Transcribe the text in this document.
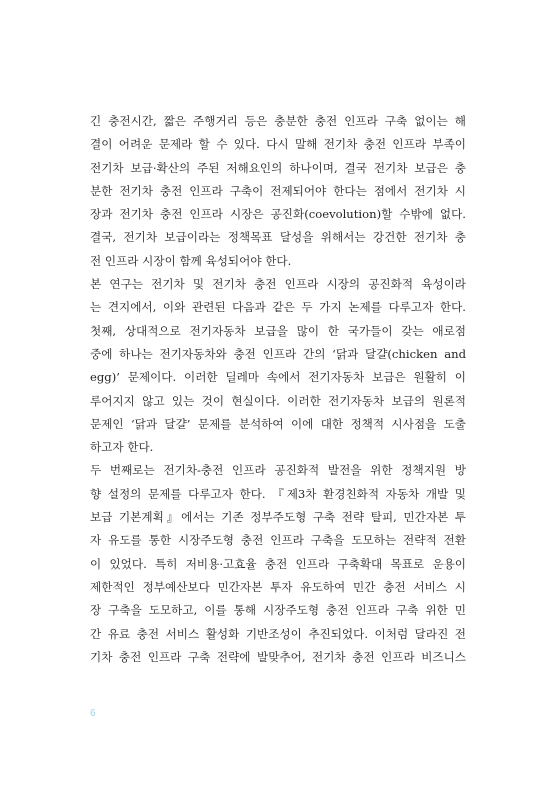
긴 충전시간, 짧은 주행거리 등은 충분한 충전 인프라 구축 없이는 해
결이 어려운 문제라 할 수 있다. 다시 말해 전기차 충전 인프라 부족이
전기차 보급·확산의 주된 저해요인의 하나이며, 결국 전기차 보급은 충
분한 전기차 충전 인프라 구축이 전제되어야 한다는 점에서 전기차 시
장과 전기차 충전 인프라 시장은 공진화(coevolution)할 수밖에 없다.
결국, 전기차 보급이라는 정책목표 달성을 위해서는 강건한 전기차 충
전 인프라 시장이 함께 육성되어야 한다.
본 연구는 전기차 및 전기차 충전 인프라 시장의 공진화적 육성이라
는 견지에서, 이와 관련된 다음과 같은 두 가지 논제를 다루고자 한다.
첫째, 상대적으로 전기자동차 보급을 많이 한 국가들이 갖는 애로점
중에 하나는 전기자동차와 충전 인프라 간의 ‘닭과 달걀(chicken and
egg)’ 문제이다. 이러한 딜레마 속에서 전기자동차 보급은 원활히 이
루어지지 않고 있는 것이 현실이다. 이러한 전기자동차 보급의 원론적
문제인 ‘닭과 달걀’ 문제를 분석하여 이에 대한 정책적 시사점을 도출
하고자 한다.
두 번째로는 전기차-충전 인프라 공진화적 발전을 위한 정책지원 방
향 설정의 문제를 다루고자 한다. 『제3차 환경친화적 자동차 개발 및
보급 기본계획』에서는 기존 정부주도형 구축 전략 탈피, 민간자본 투
자 유도를 통한 시장주도형 충전 인프라 구축을 도모하는 전략적 전환
이 있었다. 특히 저비용·고효율 충전 인프라 구축확대 목표로 운용이
제한적인 정부예산보다 민간자본 투자 유도하여 민간 충전 서비스 시
장 구축을 도모하고, 이를 통해 시장주도형 충전 인프라 구축 위한 민
간 유료 충전 서비스 활성화 기반조성이 추진되었다. 이처럼 달라진 전
기차 충전 인프라 구축 전략에 발맞추어, 전기차 충전 인프라 비즈니스
6
